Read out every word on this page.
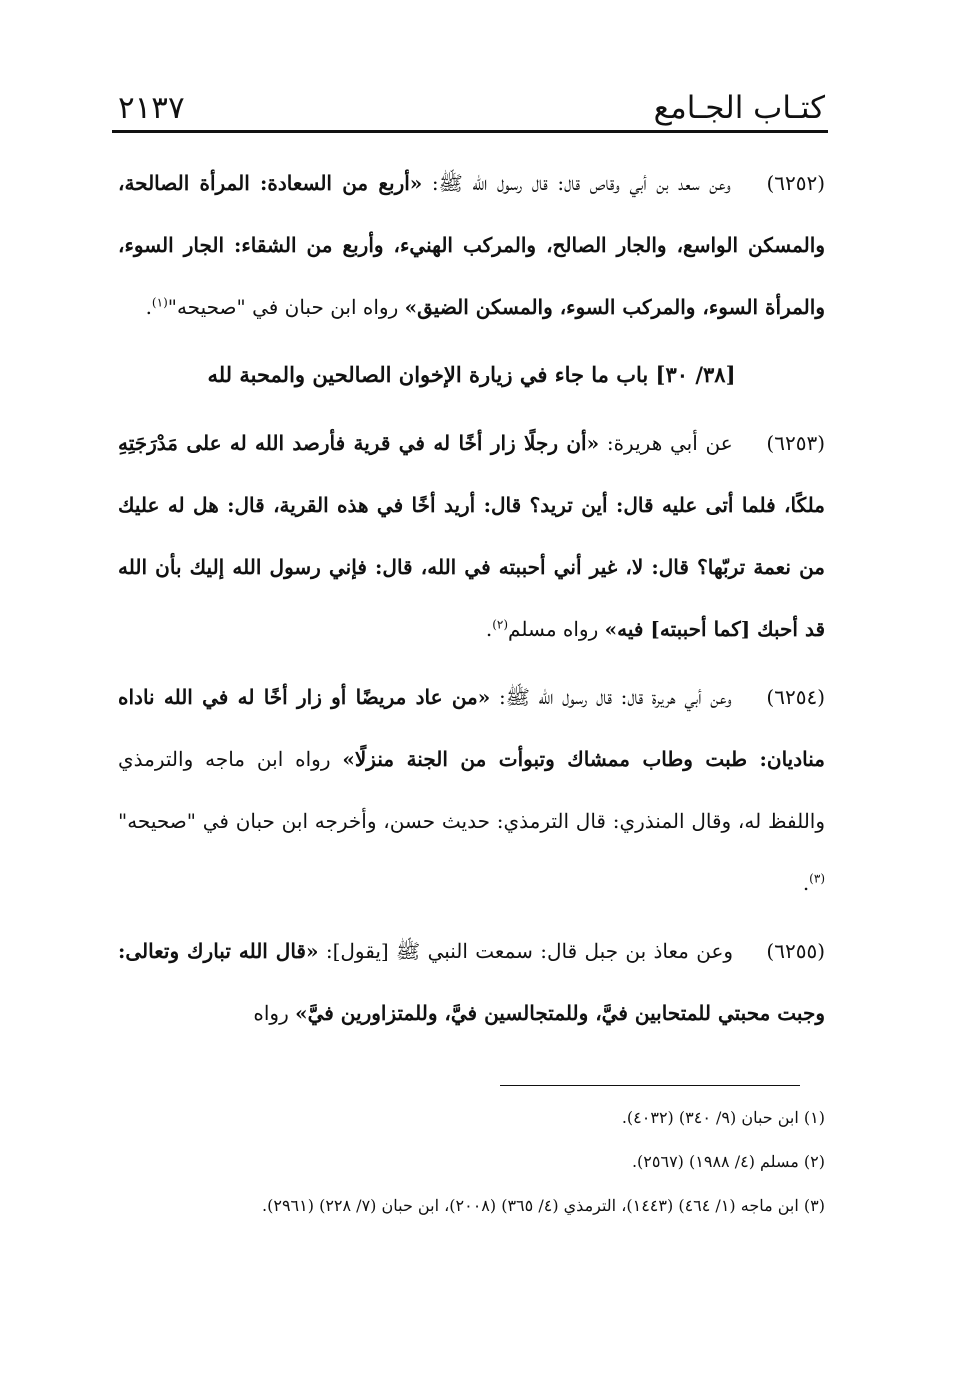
كتـاب الجـامع
٢١٣٧

(٦٢٥٢) وعن سعد بن أبي وقاص قال: قال رسول الله ﷺ: «أربع من السعادة: المرأة الصالحة، والمسكن الواسع، والجار الصالح، والمركب الهنيء، وأربع من الشقاء: الجار السوء، والمرأة السوء، والمركب السوء، والمسكن الضيق» رواه ابن حبان في "صحيحه"$^{(١)}$.

[٣٨/ ٣٠] باب ما جاء في زيارة الإخوان الصالحين والمحبة لله

(٦٢٥٣) عن أبي هريرة: «أن رجلًا زار أخًا له في قرية فأرصد الله له على مَدْرَجَتِهِ ملكًا، فلما أتى عليه قال: أين تريد؟ قال: أريد أخًا في هذه القرية، قال: هل له عليك من نعمة تربّها؟ قال: لا، غير أني أحببته في الله، قال: فإني رسول الله إليك بأن الله قد أحبك [كما أحببته] فيه» رواه مسلم$^{(٢)}$.

(٦٢٥٤) وعن أبي هريرة قال: قال رسول الله ﷺ: «من عاد مريضًا أو زار أخًا له في الله ناداه مناديان: طبت وطاب ممشاك وتبوأت من الجنة منزلًا» رواه ابن ماجه والترمذي واللفظ له، وقال المنذري: قال الترمذي: حديث حسن، وأخرجه ابن حبان في "صحيحه"$^{(٣)}$.

(٦٢٥٥) وعن معاذ بن جبل قال: سمعت النبي ﷺ [يقول]: «قال الله تبارك وتعالى: وجبت محبتي للمتحابين فيَّ، وللمتجالسين فيَّ، وللمتزاورين فيَّ» رواه

(١) ابن حبان (٩/ ٣٤٠) (٤٠٣٢).

(٢) مسلم (٤/ ١٩٨٨) (٢٥٦٧).

(٣) ابن ماجه (١/ ٤٦٤) (١٤٤٣)، الترمذي (٤/ ٣٦٥) (٢٠٠٨)، ابن حبان (٧/ ٢٢٨) (٢٩٦١).
